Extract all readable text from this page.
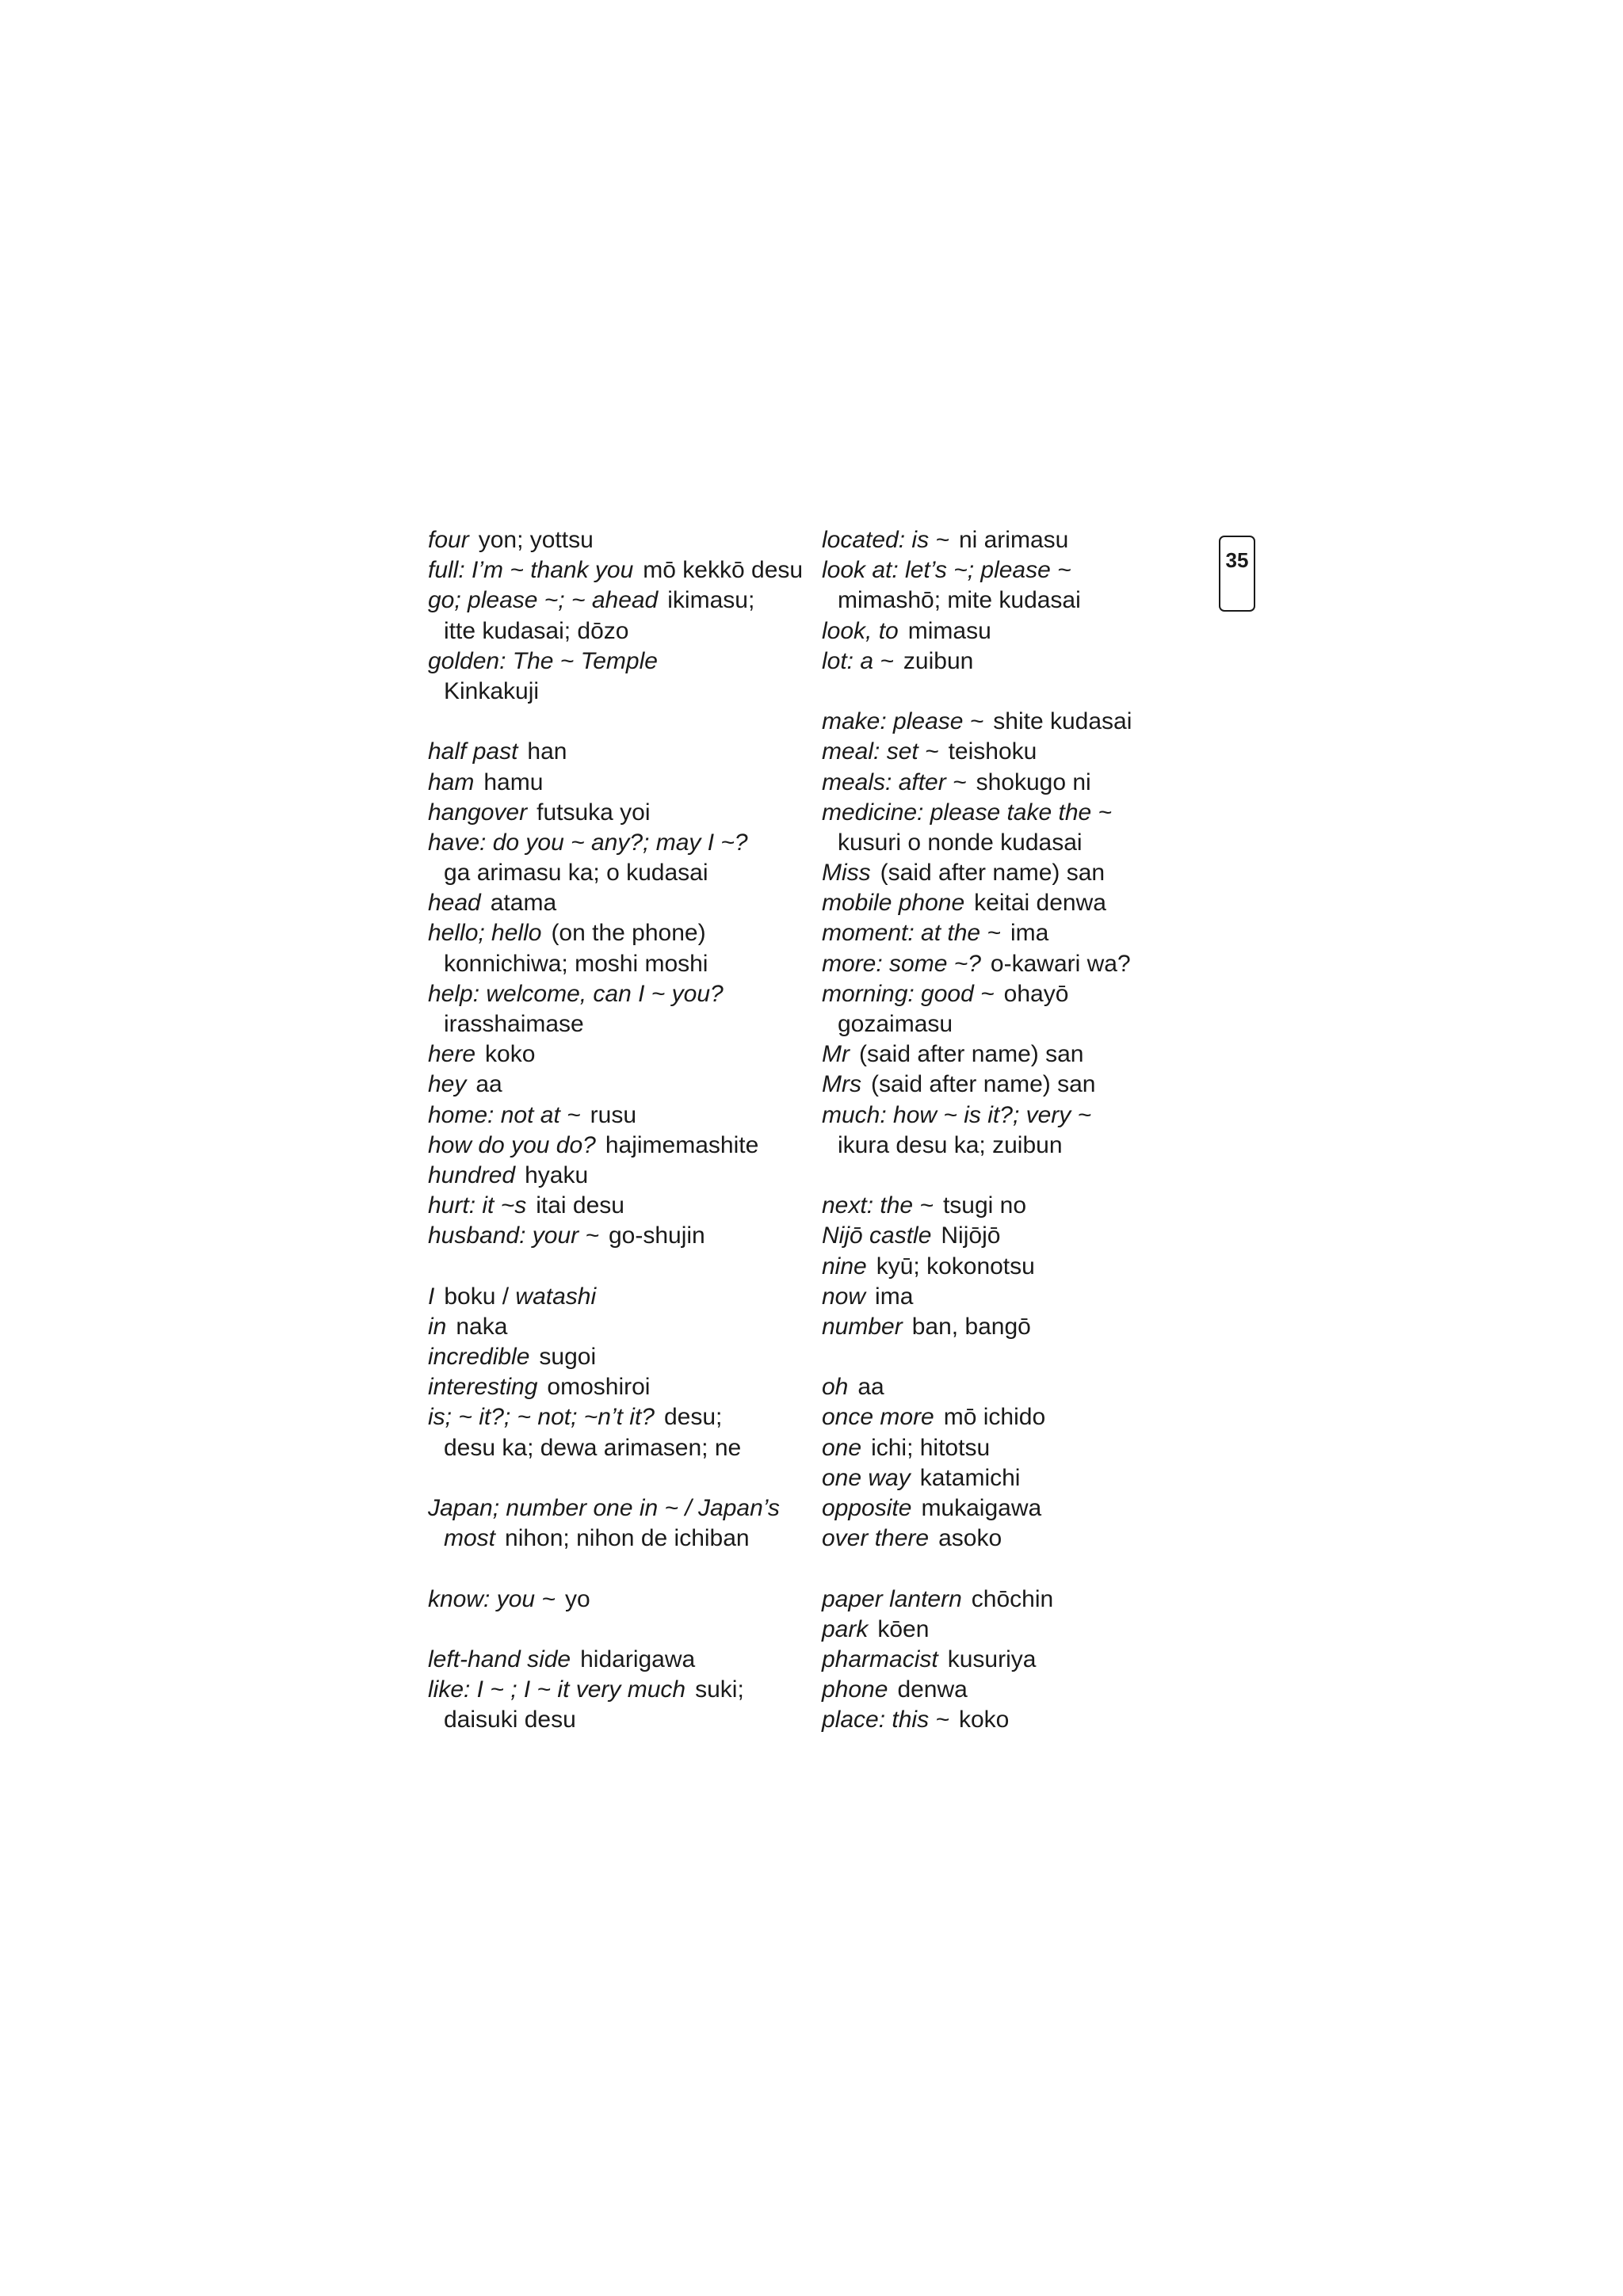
four yon; yottsu
full: I’m ~ thank you mō kekkō desu
go; please ~; ~ ahead ikimasu;
itte kudasai; dōzo
golden: The ~ Temple
Kinkakuji
half past han
ham hamu
hangover futsuka yoi
have: do you ~ any?; may I ~?
ga arimasu ka; o kudasai
head atama
hello; hello (on the phone)
konnichiwa; moshi moshi
help: welcome, can I ~ you?
irasshaimase
here koko
hey aa
home: not at ~ rusu
how do you do? hajimemashite
hundred hyaku
hurt: it ~s itai desu
husband: your ~ go-shujin
I boku / watashi
in naka
incredible sugoi
interesting omoshiroi
is; ~ it?; ~ not; ~n’t it? desu;
desu ka; dewa arimasen; ne
Japan; number one in ~ / Japan’s
most nihon; nihon de ichiban
know: you ~ yo
left-hand side hidarigawa
like: I ~ ; I ~ it very much suki;
daisuki desu
located: is ~ ni arimasu
look at: let’s ~; please ~
mimashō; mite kudasai
look, to mimasu
lot: a ~ zuibun
make: please ~ shite kudasai
meal: set ~ teishoku
meals: after ~ shokugo ni
medicine: please take the ~
kusuri o nonde kudasai
Miss (said after name) san
mobile phone keitai denwa
moment: at the ~ ima
more: some ~? o-kawari wa?
morning: good ~ ohayō
gozaimasu
Mr (said after name) san
Mrs (said after name) san
much: how ~ is it?; very ~
ikura desu ka; zuibun
next: the ~ tsugi no
Nijō castle Nijōjō
nine kyū; kokonotsu
now ima
number ban, bangō
oh aa
once more mō ichido
one ichi; hitotsu
one way katamichi
opposite mukaigawa
over there asoko
paper lantern chōchin
park kōen
pharmacist kusuriya
phone denwa
place: this ~ koko
35
